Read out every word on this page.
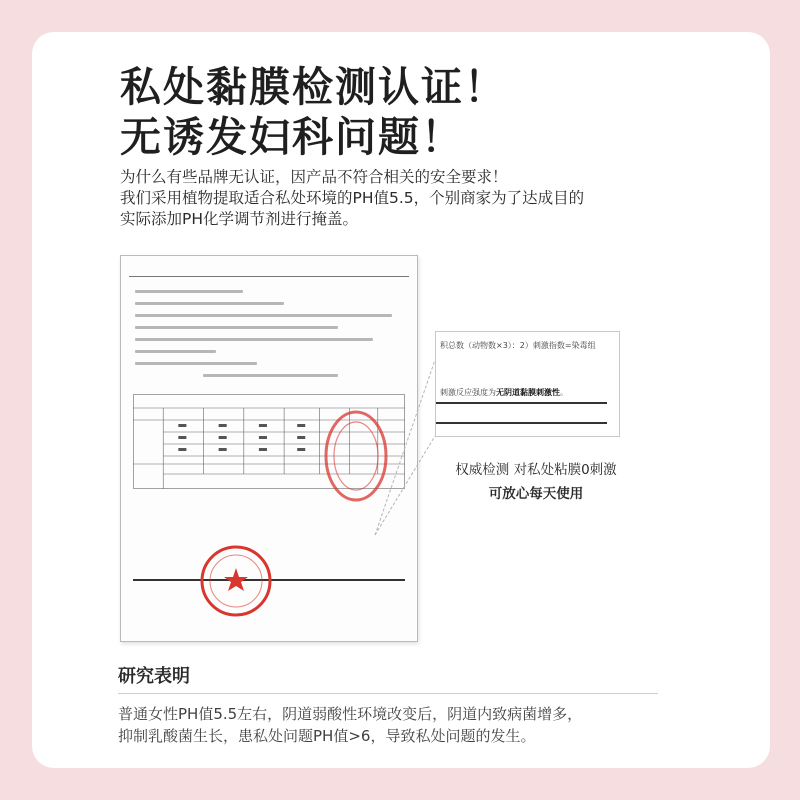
私处黏膜检测认证！
无诱发妇科问题！
为什么有些品牌无认证，因产品不符合相关的安全要求！
我们采用植物提取适合私处环境的PH值5.5，个别商家为了达成目的
实际添加PH化学调节剂进行掩盖。
积总数（动物数×3）：2）刺激指数=染毒组
刺激反应强度为无阴道黏膜刺激性。
权威检测 对私处粘膜0刺激
可放心每天使用
研究表明
普通女性PH值5.5左右，阴道弱酸性环境改变后，阴道内致病菌增多，
抑制乳酸菌生长，患私处问题PH值>6，导致私处问题的发生。
